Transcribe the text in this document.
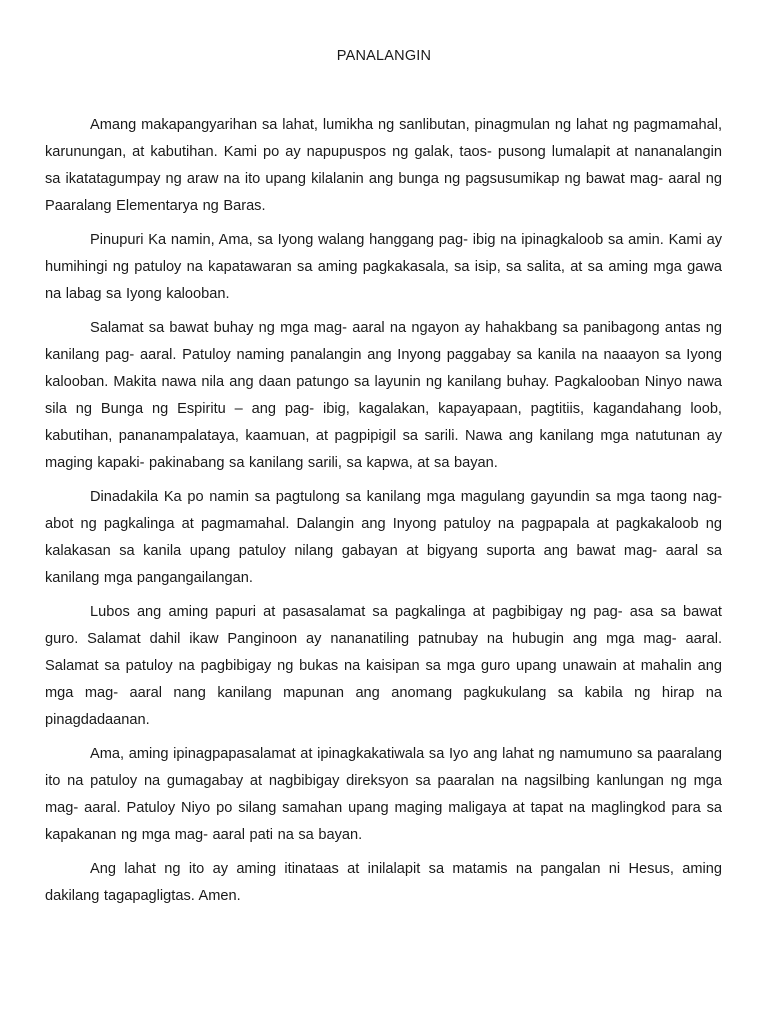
PANALANGIN

Amang makapangyarihan sa lahat, lumikha ng sanlibutan, pinagmulan ng lahat ng pagmamahal, karunungan, at kabutihan. Kami po ay napupuspos ng galak, taos- pusong lumalapit at nananalangin sa ikatatagumpay ng araw na ito upang kilalanin ang bunga ng pagsusumikap ng bawat mag- aaral ng Paaralang Elementarya ng Baras.

Pinupuri Ka namin, Ama, sa Iyong walang hanggang pag- ibig na ipinagkaloob sa amin. Kami ay humihingi ng patuloy na kapatawaran sa aming pagkakasala, sa isip, sa salita, at sa aming mga gawa na labag sa Iyong kalooban.

Salamat sa bawat buhay ng mga mag- aaral na ngayon ay hahakbang sa panibagong antas ng kanilang pag- aaral. Patuloy naming panalangin ang Inyong paggabay sa kanila na naaayon sa Iyong kalooban. Makita nawa nila ang daan patungo sa layunin ng kanilang buhay. Pagkalooban Ninyo nawa sila ng Bunga ng Espiritu – ang pag- ibig, kagalakan, kapayapaan, pagtitiis, kagandahang loob, kabutihan, pananampalataya, kaamuan, at pagpipigil sa sarili. Nawa ang kanilang mga natutunan ay maging kapaki- pakinabang sa kanilang sarili, sa kapwa, at sa bayan.

Dinadakila Ka po namin sa pagtulong sa kanilang mga magulang gayundin sa mga taong nag- abot ng pagkalinga at pagmamahal. Dalangin ang Inyong patuloy na pagpapala at pagkakaloob ng kalakasan sa kanila upang patuloy nilang gabayan at bigyang suporta ang bawat mag- aaral sa kanilang mga pangangailangan.

Lubos ang aming papuri at pasasalamat sa pagkalinga at pagbibigay ng pag- asa sa bawat guro. Salamat dahil ikaw Panginoon ay nananatiling patnubay na hubugin ang mga mag- aaral. Salamat sa patuloy na pagbibigay ng bukas na kaisipan sa mga guro upang unawain at mahalin ang mga mag- aaral nang kanilang mapunan ang anomang pagkukulang sa kabila ng hirap na pinagdadaanan.

Ama, aming ipinagpapasalamat at ipinagkakatiwala sa Iyo ang lahat ng namumuno sa paaralang ito na patuloy na gumagabay at nagbibigay direksyon sa paaralan na nagsilbing kanlungan ng mga mag- aaral. Patuloy Niyo po silang samahan upang maging maligaya at tapat na maglingkod para sa kapakanan ng mga mag- aaral pati na sa bayan.

Ang lahat ng ito ay aming itinataas at inilalapit sa matamis na pangalan ni Hesus, aming dakilang tagapagligtas. Amen.
